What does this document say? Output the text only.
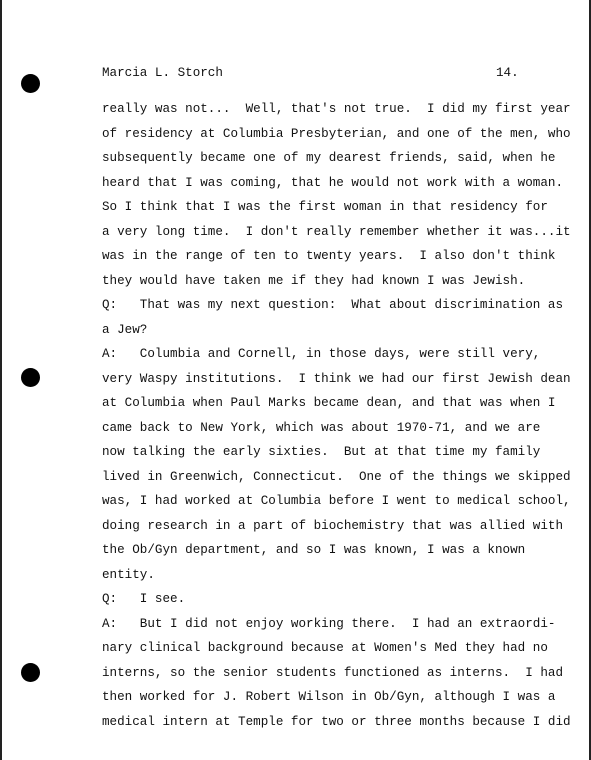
Marcia L. Storch	14.
really was not...  Well, that's not true.  I did my first year
of residency at Columbia Presbyterian, and one of the men, who
subsequently became one of my dearest friends, said, when he
heard that I was coming, that he would not work with a woman.
So I think that I was the first woman in that residency for
a very long time.  I don't really remember whether it was...it
was in the range of ten to twenty years.  I also don't think
they would have taken me if they had known I was Jewish.
Q:   That was my next question:  What about discrimination as
a Jew?
A:   Columbia and Cornell, in those days, were still very,
very Waspy institutions.  I think we had our first Jewish dean
at Columbia when Paul Marks became dean, and that was when I
came back to New York, which was about 1970-71, and we are
now talking the early sixties.  But at that time my family
lived in Greenwich, Connecticut.  One of the things we skipped
was, I had worked at Columbia before I went to medical school,
doing research in a part of biochemistry that was allied with
the Ob/Gyn department, and so I was known, I was a known
entity.
Q:   I see.
A:   But I did not enjoy working there.  I had an extraordi-
nary clinical background because at Women's Med they had no
interns, so the senior students functioned as interns.  I had
then worked for J. Robert Wilson in Ob/Gyn, although I was a
medical intern at Temple for two or three months because I did
